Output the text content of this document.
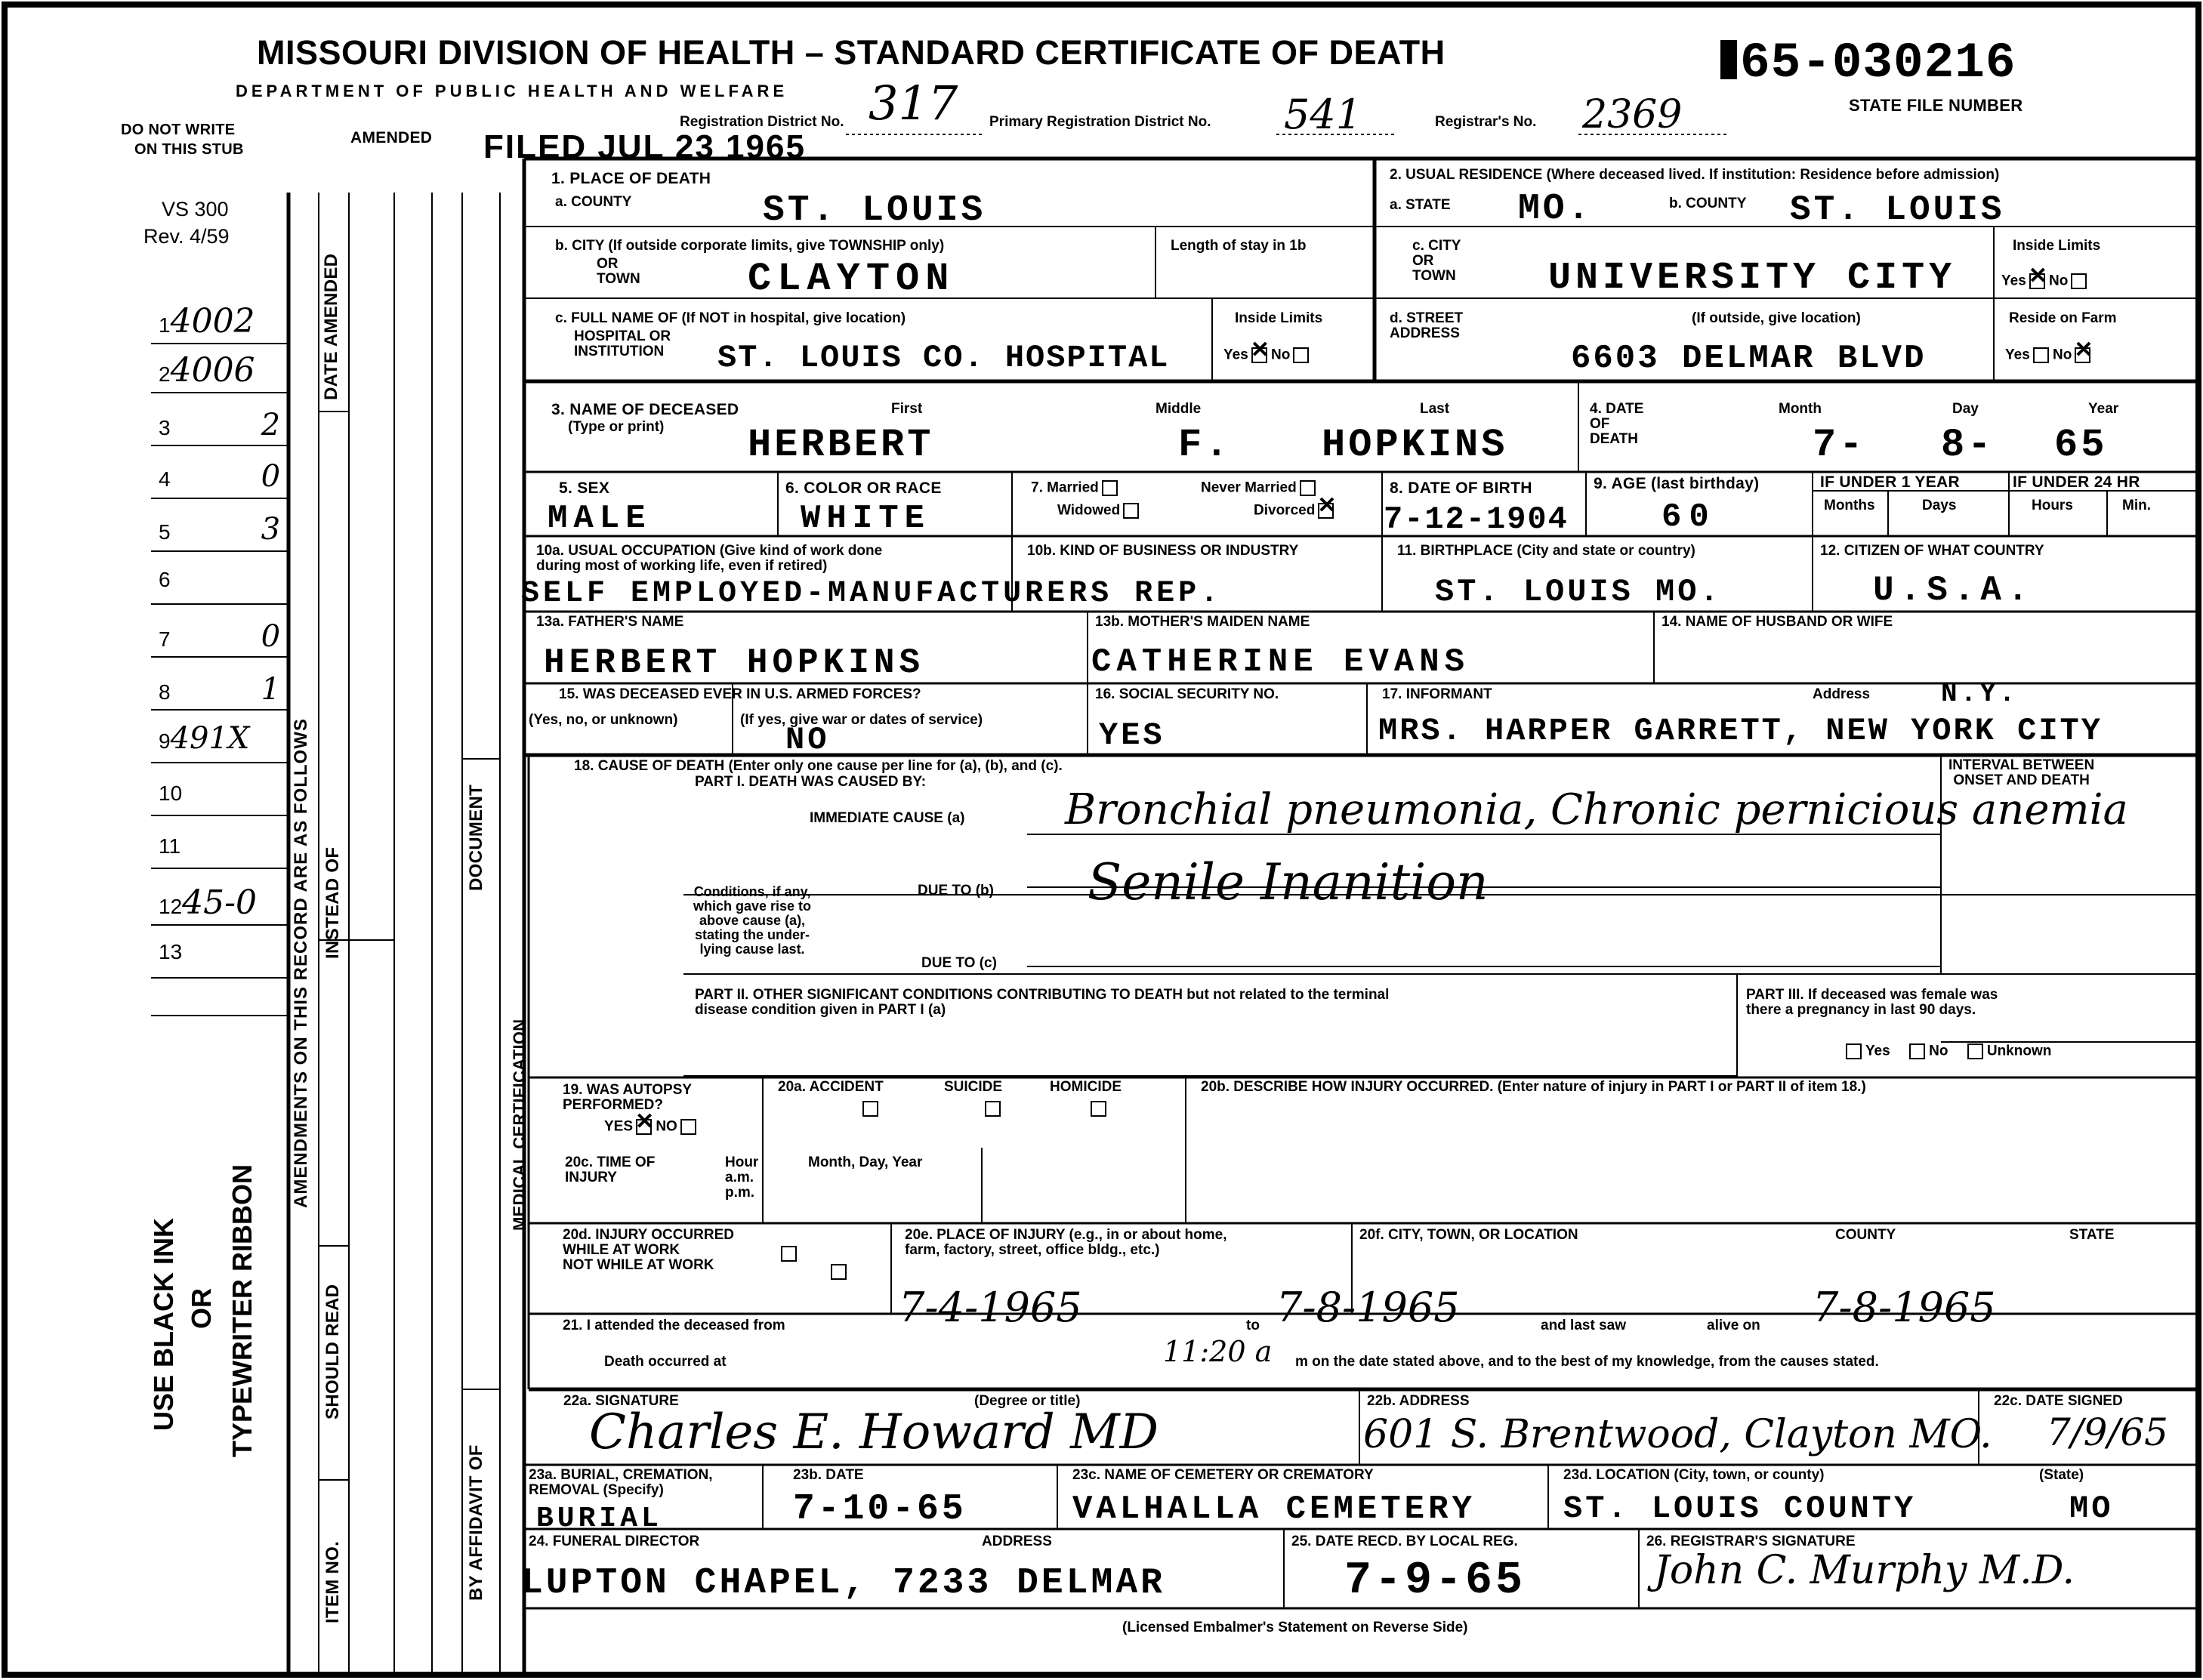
MISSOURI DIVISION OF HEALTH – STANDARD CERTIFICATE OF DEATH
DEPARTMENT OF PUBLIC HEALTH AND WELFARE	65-030216
STATE FILE NUMBER
Registration District No. 317 Primary Registration District No. 541	Registrar's No. 2369
FILED JUL 23 1965
DO NOT WRITE
ON THIS STUB
AMENDED
VS 300
Rev. 4/59
14002
24006
3	2
4	0
5	3
6
7	0
8	1
9491X
10
11
1245-0
13
DATE AMENDED
AMENDMENTS ON THIS RECORD ARE AS FOLLOWS INSTEAD OF
SHOULD READ
ITEM NO.
DOCUMENT
BY AFFIDAVIT OF
USE BLACK INK OR TYPEWRITER RIBBON
MEDICAL CERTIFICATION
1. PLACE OF DEATH
a. COUNTY	ST. LOUIS
2. USUAL RESIDENCE (Where deceased lived. If institution: Residence before admission)
a. STATE MO.	b. COUNTY ST. LOUIS
b. CITY (If outside corporate limits, give TOWNSHIP only)
OR
TOWN	CLAYTON
Length of stay in 1b	c. CITY
OR
TOWN UNIVERSITY CITY
Inside Limits
Yes ✕ No
c. FULL NAME OF (If NOT in hospital, give location)
HOSPITAL OR
INSTITUTION ST. LOUIS CO. HOSPITAL
Inside Limits
Yes ✕ No
d. STREET
ADDRESS
(If outside, give location)
6603 DELMAR BLVD
Reside on Farm
Yes No✕
3. NAME OF DECEASED
(Type or print)
First	Middle	Last
HERBERT	F. HOPKINS
4. DATE
OF
DEATH
Month	Day	Year
7- 8- 65
5. SEX
MALE
6. COLOR OR RACE
WHITE
7. Married	Never Married
Widowed	Divorced✕
8. DATE OF BIRTH
7-12-1904
9. AGE (last birthday)
60
IF UNDER 1 YEAR	IF UNDER 24 HR
Months	Days	Hours	Min.
10a. USUAL OCCUPATION (Give kind of work done
during most of working life, even if retired)
SELF EMPLOYED-MANUFACTURERS REP.
10b. KIND OF BUSINESS OR INDUSTRY	11. BIRTHPLACE (City and state or country)
ST. LOUIS MO.
12. CITIZEN OF WHAT COUNTRY
U.S.A.
13a. FATHER'S NAME
HERBERT HOPKINS
13b. MOTHER'S MAIDEN NAME
CATHERINE EVANS
14. NAME OF HUSBAND OR WIFE
15. WAS DECEASED EVER IN U.S. ARMED FORCES?
(Yes, no, or unknown)	(If yes, give war or dates of service)
NO
16. SOCIAL SECURITY NO.
YES
17. INFORMANT	Address	N.Y.
MRS. HARPER GARRETT, NEW YORK CITY
18. CAUSE OF DEATH (Enter only one cause per line for (a), (b), and (c).
PART I. DEATH WAS CAUSED BY:
INTERVAL BETWEEN
ONSET AND DEATH
IMMEDIATE CAUSE (a) Bronchial pneumonia, Chronic pernicious anemia
Conditions, if any,
which gave rise to
above cause (a),
stating the under-
lying cause last.
DUE TO (b) Senile Inanition
DUE TO (c)
PART II. OTHER SIGNIFICANT CONDITIONS CONTRIBUTING TO DEATH but not related to the terminal
disease condition given in PART I (a)
PART III. If deceased was female was
there a pregnancy in last 90 days.
Yes	No	Unknown
19. WAS AUTOPSY
PERFORMED?
YES ✕ NO
20a. ACCIDENT	SUICIDE	HOMICIDE	20b. DESCRIBE HOW INJURY OCCURRED. (Enter nature of injury in PART I or PART II of item 18.)
20c. TIME OF
INJURY
Hour
a.m.
p.m.
Month, Day, Year
20d. INJURY OCCURRED
WHILE AT WORK
NOT WHILE AT WORK
20e. PLACE OF INJURY (e.g., in or about home,
farm, factory, street, office bldg., etc.)
20f. CITY, TOWN, OR LOCATION	COUNTY	STATE
21. I attended the deceased from	7-4-1965	to 7-8-1965	and last saw	alive on 7-8-1965
Death occurred at	11:20 a m on the date stated above, and to the best of my knowledge, from the causes stated.
22a. SIGNATURE	(Degree or title)
Charles E. Howard MD
22b. ADDRESS
601 S. Brentwood, Clayton MO.
22c. DATE SIGNED
7/9/65
23a. BURIAL, CREMATION,
REMOVAL (Specify)
BURIAL
23b. DATE
7-10-65
23c. NAME OF CEMETERY OR CREMATORY
VALHALLA CEMETERY
23d. LOCATION (City, town, or county)	(State)
ST. LOUIS COUNTY	MO
24. FUNERAL DIRECTOR	ADDRESS
LUPTON CHAPEL, 7233 DELMAR
25. DATE RECD. BY LOCAL REG.
7-9-65
26. REGISTRAR'S SIGNATURE
John C. Murphy M.D.
(Licensed Embalmer's Statement on Reverse Side)
